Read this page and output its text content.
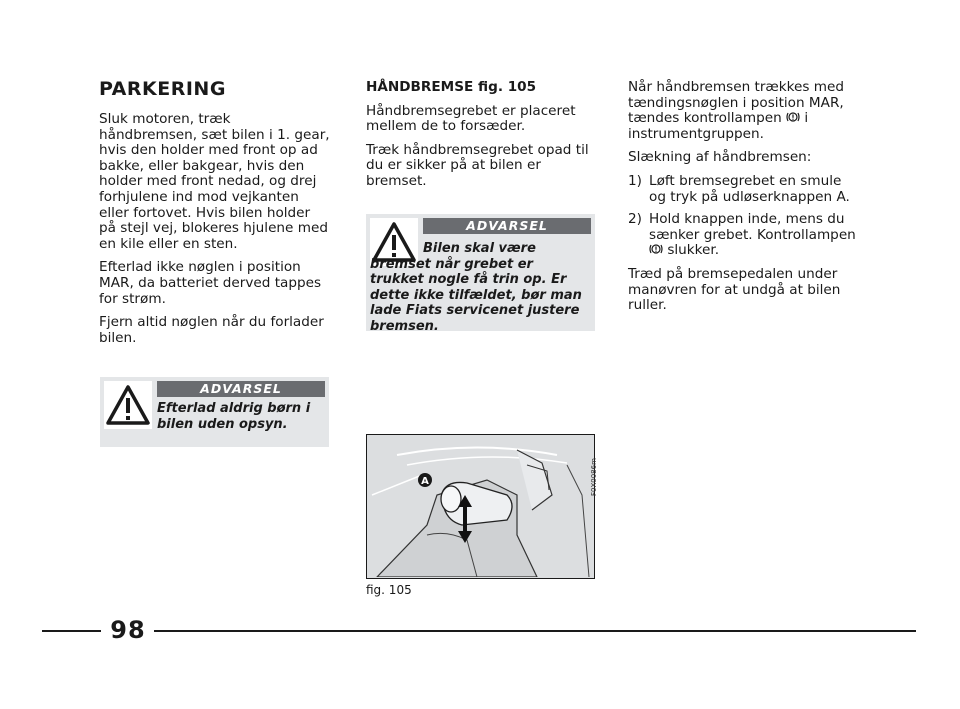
PARKERING

Sluk motoren, træk håndbremsen, sæt bilen i 1. gear, hvis den holder med front op ad bakke, eller bakgear, hvis den holder med front nedad, og drej forhjulene ind mod vejkanten eller fortovet. Hvis bilen holder på stejl vej, blokeres hjulene med en kile eller en sten.

Efterlad ikke nøglen i position MAR, da batteriet derved tappes for strøm.

Fjern altid nøglen når du forlader bilen.

ADVARSEL
Efterlad aldrig børn i bilen uden opsyn.

HÅNDBREMSE fig. 105

Håndbremsegrebet er placeret mellem de to forsæder.

Træk håndbremsegrebet opad til du er sikker på at bilen er bremset.

ADVARSEL
Bilen skal være bremset når grebet er trukket nogle få trin op. Er dette ikke tilfældet, bør man lade Fiats servicenet justere bremsen.
A	F0X0086m
fig. 105

Når håndbremsen trækkes med tændingsnøglen i position MAR, tændes kontrollampen i instrumentgruppen.

Slækning af håndbremsen:

1) Løft bremsegrebet en smule og tryk på udløserknappen A.
2) Hold knappen inde, mens du sænker grebet. Kontrollampen  slukker.

Træd på bremsepedalen under manøvren for at undgå at bilen ruller.

98
